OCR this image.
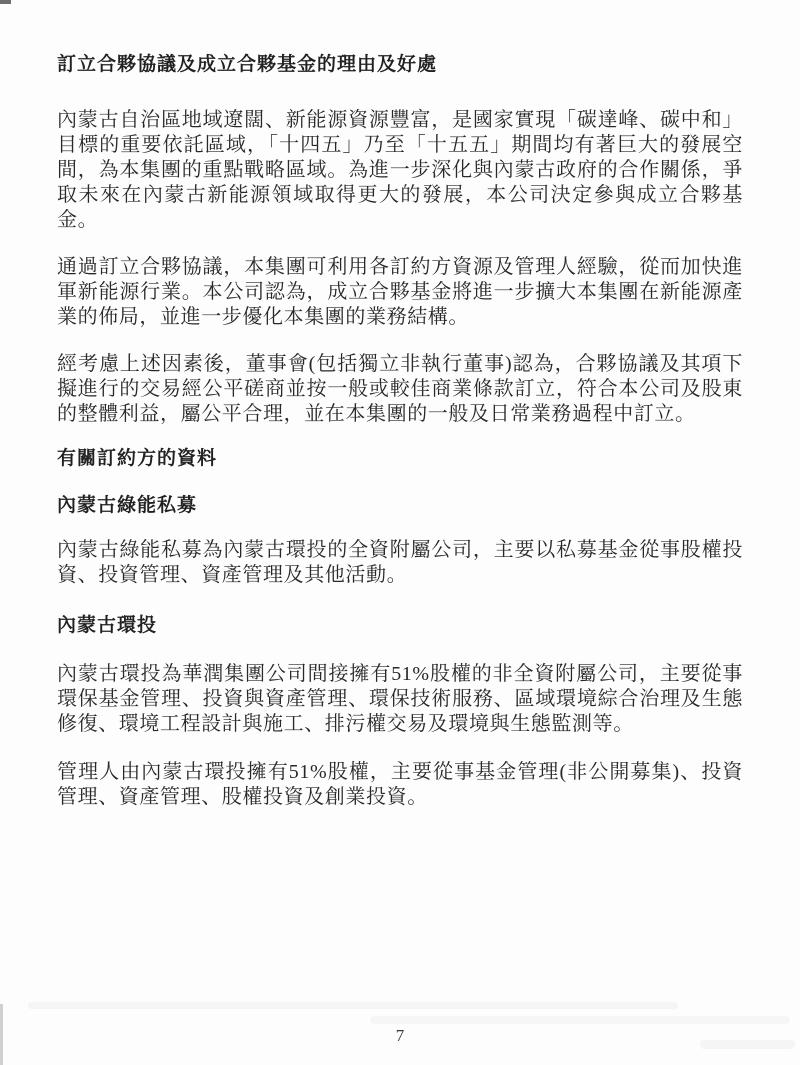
訂立合夥協議及成立合夥基金的理由及好處

內蒙古自治區地域遼闊、新能源資源豐富，是國家實現「碳達峰、碳中和」目標的重要依託區域，「十四五」乃至「十五五」期間均有著巨大的發展空間，為本集團的重點戰略區域。為進一步深化與內蒙古政府的合作關係，爭取未來在內蒙古新能源領域取得更大的發展，本公司決定參與成立合夥基金。

通過訂立合夥協議，本集團可利用各訂約方資源及管理人經驗，從而加快進軍新能源行業。本公司認為，成立合夥基金將進一步擴大本集團在新能源產業的佈局，並進一步優化本集團的業務結構。

經考慮上述因素後，董事會(包括獨立非執行董事)認為，合夥協議及其項下擬進行的交易經公平磋商並按一般或較佳商業條款訂立，符合本公司及股東的整體利益，屬公平合理，並在本集團的一般及日常業務過程中訂立。

有關訂約方的資料
內蒙古綠能私募

內蒙古綠能私募為內蒙古環投的全資附屬公司，主要以私募基金從事股權投資、投資管理、資產管理及其他活動。

內蒙古環投

內蒙古環投為華潤集團公司間接擁有51%股權的非全資附屬公司，主要從事環保基金管理、投資與資產管理、環保技術服務、區域環境綜合治理及生態修復、環境工程設計與施工、排污權交易及環境與生態監測等。

管理人由內蒙古環投擁有51%股權，主要從事基金管理(非公開募集)、投資管理、資產管理、股權投資及創業投資。

7
